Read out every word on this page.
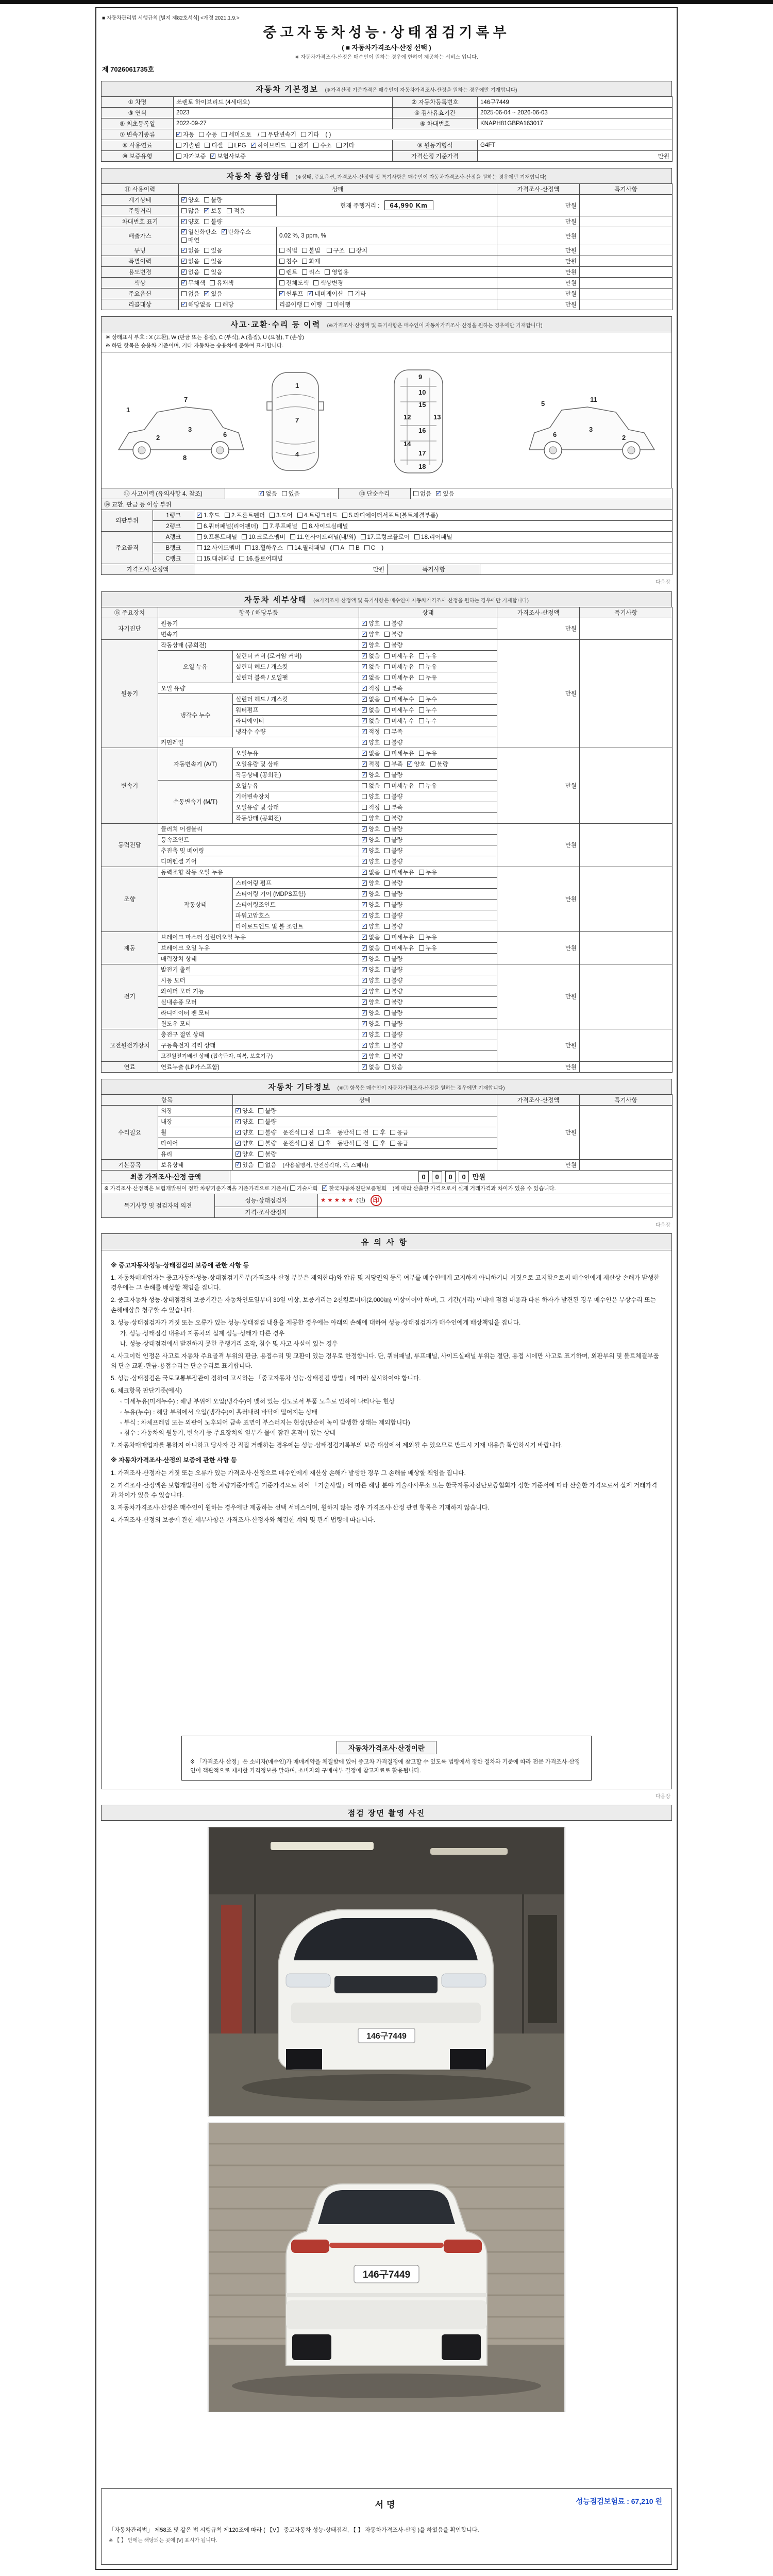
■ 자동차관리법 시행규칙 [별지 제82호서식] <개정 2021.1.9.>
중고자동차성능·상태점검기록부
( ■ 자동차가격조사·산정 선택 )
※ 자동차가격조사·산정은 매수인이 원하는 경우에 한하여 제공하는 서비스 입니다.
제 7026061735호
자동차 기본정보 (※가격산정 기준가격은 매수인이 자동차가격조사·산정을 원하는 경우에만 기재합니다)
① 차명	쏘렌토 하이브리드 (4세대요)	② 자동차등록번호	146구7449
③ 연식	2023	④ 검사유효기간	2025-06-04 ~ 2026-06-03
⑤ 최초등록일	2022-09-27	⑥ 차대번호	KNAPH81GBPA163017
⑦ 변속기종류	✓자동 수동 세미오토 / 무단변속기 기타 ( )
⑧ 사용연료	가솔린 디젤 LPG ✓ 하이브리드 전기 수소 기타	⑨ 원동기형식	G4FT
⑩ 보증유형	자가보증 ✓ 보험사보증	가격산정 기준가격	만원
자동차 종합상태 (※상태, 주요옵션, 가격조사·산정액 및 특기사항은 매수인이 자동차가격조사·산정을 원하는 경우에만 기재합니다)
⑪ 사용이력	상태		가격조사·산정액	특기사항
계기상태	✓양호 불량	현재 주행거리 : 64,990 Km	만원	
주행거리	많음 ✓ 보통 적음
차대번호 표기	✓양호 불량		만원	
배출가스	✓일산화탄소 ✓ 탄화수소매연	0.02 %, 3 ppm, %	만원	
튜닝	✓없음 있음	적법 불법 구조 장치	만원	
특별이력	✓없음 있음	침수 화재	만원	
용도변경	✓없음 있음	렌트 리스 영업용	만원	
색상	✓무채색 유채색	전체도색 색상변경	만원	
주요옵션	없음 ✓ 있음	✓썬루프 ✓ 네비게이션 기타	만원	
리콜대상	✓해당없음 해당	리콜이행 이행 미이행	만원	
사고·교환·수리 등 이력 (※가격조사·산정액 및 특기사항은 매수인이 자동차가격조사·산정을 원하는 경우에만 기재합니다)
※ 상태표시 부호 : X (교환), W (판금 또는 용접), C (부식), A (흠집), U (요철), T (손상)
※ 하단 항목은 승용차 기준이며, 기타 자동차는 승용차에 준하여 표시합니다.
1
2
3
6
7
8
1
7
4
9
10
15
12	13
16
14
17
18
5
11
2
3
6
⑫ 사고이력 (유의사항 4. 참조)	✓없음 있음	⑬ 단순수리	없음 ✓ 있음
⑭ 교환, 판금 등 이상 부위				
외판부위	1랭크	✓1.후드 2.프론트펜더 3.도어 4.트렁크리드 5.라디에이터서포트(볼트체결부품)
	2랭크	6.쿼터패널(리어펜더) 7.루프패널 8.사이드실패널		
주요골격	A랭크	9.프론트패널 10.크로스멤버 11.인사이드패널(내/외) 17.트렁크플로어 18.리어패널		
	B랭크	12.사이드멤버 13.휠하우스 14.필러패널 ( A B C )		
	C랭크	15.대쉬패널 16.플로어패널		
가격조사·산정액		만원	특기사항	
다음장
자동차 세부상태 (※가격조사·산정액 및 특기사항은 매수인이 자동차가격조사·산정을 원하는 경우에만 기재합니다)
⑮ 주요장치	항목 / 해당부품		상태	가격조사·산정액	특기사항
자기진단	원동기	✓양호 불량	만원	
	변속기	✓양호 불량
원동기	작동상태 (공회전)	✓양호 불량	만원	
	오일 누유	실린더 커버 (로커암 커버)	✓없음 미세누유 누유
		실린더 헤드 / 개스킷	✓없음 미세누유 누유
		실린더 블록 / 오일팬	✓없음 미세누유 누유
	오일 유량	✓적정 부족
	냉각수 누수	실린더 헤드 / 개스킷	✓없음 미세누수 누수
		워터펌프	✓없음 미세누수 누수
		라디에이터	✓없음 미세누수 누수
		냉각수 수량	✓적정 부족
	커먼레일	✓양호 불량
변속기	자동변속기 (A/T)	오일누유	✓없음 미세누유 누유	만원	
		오일유량 및 상태	✓적정 부족 ✓ 양호 불량
		작동상태 (공회전)	✓양호 불량
	수동변속기 (M/T)	오일누유	없음 미세누유 누유		
		기어변속장치	양호 불량		
		오일유량 및 상태	적정 부족		
		작동상태 (공회전)	양호 불량		
동력전달	클러치 어셈블리	✓양호 불량	만원	
	등속조인트	✓양호 불량
	추진축 및 베어링	✓양호 불량
	디퍼렌셜 기어	✓양호 불량
조향	동력조향 작동 오일 누유	✓없음 미세누유 누유	만원	
	작동상태	스티어링 펌프	✓양호 불량
		스티어링 기어 (MDPS포함)	✓양호 불량
		스티어링조인트	✓양호 불량
		파워고압호스	✓양호 불량
		타이로드엔드 및 볼 조인트	✓양호 불량
제동	브레이크 마스터 실린더오일 누유	✓없음 미세누유 누유	만원	
	브레이크 오일 누유	✓없음 미세누유 누유
	배력장치 상태	✓양호 불량
전기	발전기 출력	✓양호 불량	만원	
	시동 모터	✓양호 불량
	와이퍼 모터 기능	✓양호 불량
	실내송풍 모터	✓양호 불량
	라디에이터 팬 모터	✓양호 불량
	윈도우 모터	✓양호 불량
고전원전기장치	충전구 절연 상태	✓양호 불량	만원	
	구동축전지 격리 상태	✓양호 불량
	고전원전기배선 상태 (접속단자, 피복, 보호기구)	✓양호 불량
연료	연료누출 (LP가스포함)	✓없음 있음	만원	
자동차 기타정보 (※⑯ 항목은 매수인이 자동차가격조사·산정을 원하는 경우에만 기재합니다)
항목		상태	가격조사·산정액	특기사항
수리필요	외장	✓양호 불량	만원	
	내장	✓양호 불량
	휠	✓양호 불량 운전석 전 후 동반석 전 후 응급
	타이어	✓양호 불량 운전석 전 후 동반석 전 후 응급
	유리	✓양호 불량
기본품목	보유상태	✓있음 없음 (사용설명서, 안전삼각대, 잭, 스패너)	만원	
최종 가격조사·산정 금액	0 0 0 0 만원
※ 가격조사·산정액은 보험개발원이 정한 차량기준가액을 기준가격으로 기준서( 기술사회 ✓ 한국자동차진단보증협회 )에 따라 산출한 가격으로서 실제 거래가격과 차이가 있을 수 있습니다.
특기사항 및 점검자의 의견	성능·상태점검자	★★★★★ (인) 印
	가격·조사산정자	
다음장
유의사항
※ 중고자동차성능·상태점검의 보증에 관한 사항 등
1. 자동차매매업자는 중고자동차성능·상태점검기록부(가격조사·산정 부분은 제외한다)와 압류 및 저당권의 등록 여부를 매수인에게 고지하지 아니하거나 거짓으로 고지함으로써 매수인에게 재산상 손해가 발생한 경우에는 그 손해를 배상할 책임을 집니다.
2. 중고자동차 성능·상태점검의 보증기간은 자동차인도일부터 30일 이상, 보증거리는 2천킬로미터(2,000㎞) 이상이어야 하며, 그 기간(거리) 이내에 점검 내용과 다른 하자가 발견된 경우 매수인은 무상수리 또는 손해배상을 청구할 수 있습니다.
3. 성능·상태점검자가 거짓 또는 오류가 있는 성능·상태점검 내용을 제공한 경우에는 아래의 손해에 대하여 성능·상태점검자가 매수인에게 배상책임을 집니다.
가. 성능·상태점검 내용과 자동차의 실제 성능·상태가 다른 경우
나. 성능·상태점검에서 발견하지 못한 주행거리 조작, 침수 및 사고 사실이 있는 경우
4. 사고이력 인정은 사고로 자동차 주요골격 부위의 판금, 용접수리 및 교환이 있는 경우로 한정합니다. 단, 쿼터패널, 루프패널, 사이드실패널 부위는 절단, 용접 시에만 사고로 표기하며, 외판부위 및 볼트체결부품의 단순 교환·판금·용접수리는 단순수리로 표기합니다.
5. 성능·상태점검은 국토교통부장관이 정하여 고시하는 「중고자동차 성능·상태점검 방법」에 따라 실시하여야 합니다.
6. 체크항목 판단기준(예시)
◦ 미세누유(미세누수) : 해당 부위에 오일(냉각수)이 맺혀 있는 정도로서 부품 노후로 인하여 나타나는 현상
◦ 누유(누수) : 해당 부위에서 오일(냉각수)이 흘러내려 바닥에 떨어지는 상태
◦ 부식 : 차체프레임 또는 외판이 노후되어 금속 표면이 부스러지는 현상(단순히 녹이 발생한 상태는 제외합니다)
◦ 침수 : 자동차의 원동기, 변속기 등 주요장치의 일부가 물에 잠긴 흔적이 있는 상태
7. 자동차매매업자를 통하지 아니하고 당사자 간 직접 거래하는 경우에는 성능·상태점검기록부의 보증 대상에서 제외될 수 있으므로 반드시 기재 내용을 확인하시기 바랍니다.
※ 자동차가격조사·산정의 보증에 관한 사항 등
1. 가격조사·산정자는 거짓 또는 오류가 있는 가격조사·산정으로 매수인에게 재산상 손해가 발생한 경우 그 손해를 배상할 책임을 집니다.
2. 가격조사·산정액은 보험개발원이 정한 차량기준가액을 기준가격으로 하여 「기술사법」에 따른 해당 분야 기술사사무소 또는 한국자동차진단보증협회가 정한 기준서에 따라 산출한 가격으로서 실제 거래가격과 차이가 있을 수 있습니다.
3. 자동차가격조사·산정은 매수인이 원하는 경우에만 제공하는 선택 서비스이며, 원하지 않는 경우 가격조사·산정 관련 항목은 기재하지 않습니다.
4. 가격조사·산정의 보증에 관한 세부사항은 가격조사·산정자와 체결한 계약 및 관계 법령에 따릅니다.
자동차가격조사·산정이란
※ 「가격조사·산정」은 소비자(매수인)가 매매계약을 체결함에 있어 중고차 가격결정에 참고할 수 있도록 법령에서 정한 절차와 기준에 따라 전문 가격조사·산정인이 객관적으로 제시한 가격정보를 말하며, 소비자의 구매여부 결정에 참고자료로 활용됩니다.
다음장
점검 장면 촬영 사진
146구7449
146구7449
서명	성능점검보험료 : 67,210 원
「자동차관리법」 제58조 및 같은 법 시행규칙 제120조에 따라 ( 【V】 중고자동차 성능·상태점검, 【 】 자동차가격조사·산정 )을 하였음을 확인합니다.
※ 【 】 안에는 해당되는 곳에 [V] 표시가 됩니다.
